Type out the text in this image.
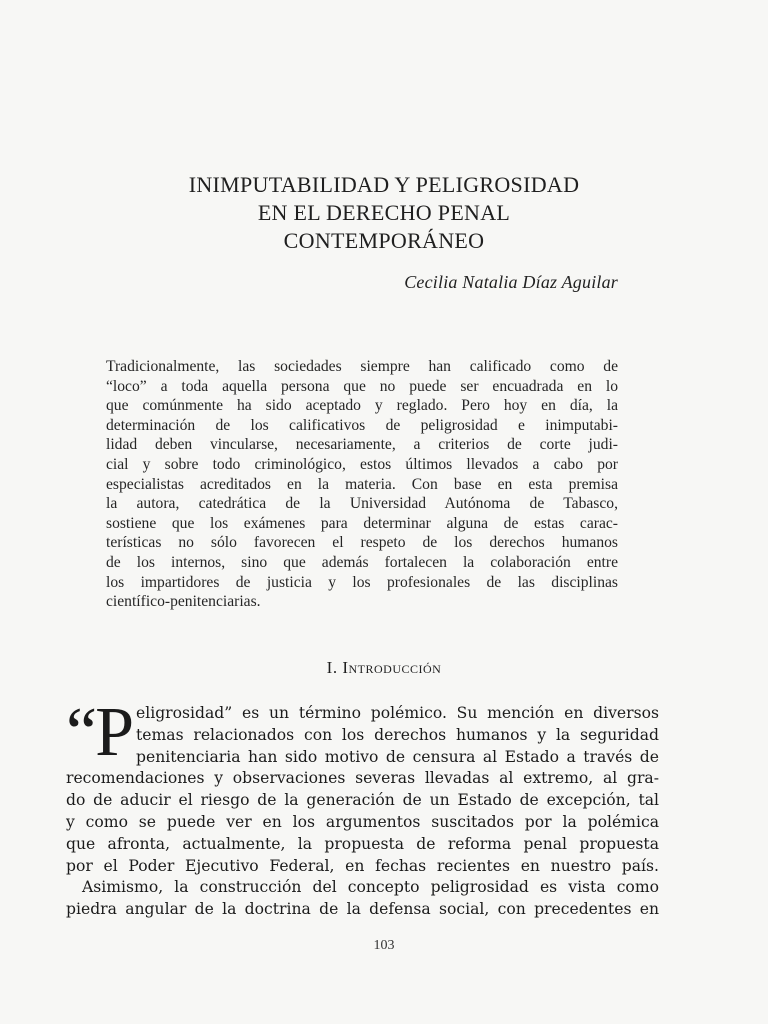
INIMPUTABILIDAD Y PELIGROSIDAD
EN EL DERECHO PENAL
CONTEMPORÁNEO
Cecilia Natalia Díaz Aguilar
Tradicionalmente, las sociedades siempre han calificado como de
“loco” a toda aquella persona que no puede ser encuadrada en lo
que comúnmente ha sido aceptado y reglado. Pero hoy en día, la
determinación de los calificativos de peligrosidad e inimputabi-
lidad deben vincularse, necesariamente, a criterios de corte judi-
cial y sobre todo criminológico, estos últimos llevados a cabo por
especialistas acreditados en la materia. Con base en esta premisa
la autora, catedrática de la Universidad Autónoma de Tabasco,
sostiene que los exámenes para determinar alguna de estas carac-
terísticas no sólo favorecen el respeto de los derechos humanos
de los internos, sino que además fortalecen la colaboración entre
los impartidores de justicia y los profesionales de las disciplinas
científico-penitenciarias.
I. Introducción
“P eligrosidad” es un término polémico. Su mención en diversos
temas relacionados con los derechos humanos y la seguridad
penitenciaria han sido motivo de censura al Estado a través de
recomendaciones y observaciones severas llevadas al extremo, al gra-
do de aducir el riesgo de la generación de un Estado de excepción, tal
y como se puede ver en los argumentos suscitados por la polémica
que afronta, actualmente, la propuesta de reforma penal propuesta
por el Poder Ejecutivo Federal, en fechas recientes en nuestro país.
Asimismo, la construcción del concepto peligrosidad es vista como
piedra angular de la doctrina de la defensa social, con precedentes en
103
